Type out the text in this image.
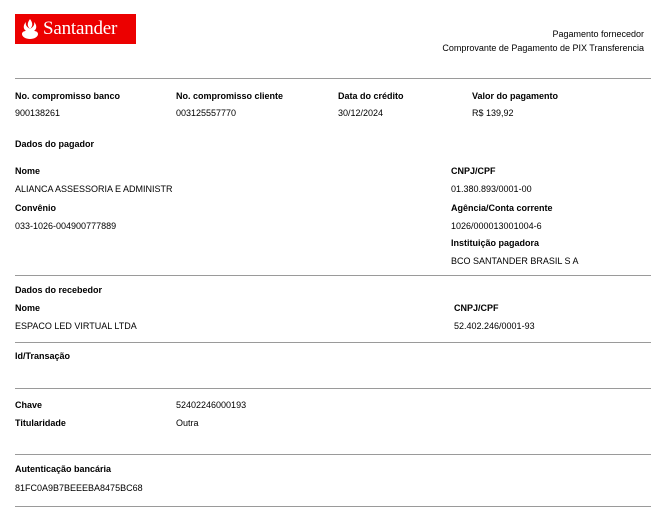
Santander	Pagamento fornecedor
Comprovante de Pagamento de PIX Transferencia
No. compromisso banco
900138261
No. compromisso cliente
003125557770
Data do crédito
30/12/2024
Valor do pagamento
R$ 139,92
Dados do pagador
Nome
ALIANCA ASSESSORIA E ADMINISTR
CNPJ/CPF
01.380.893/0001-00
Convênio
033-1026-004900777889
Agência/Conta corrente
1026/000013001004-6
Instituição pagadora
BCO SANTANDER BRASIL S A
Dados do recebedor
Nome
ESPACO LED VIRTUAL LTDA
CNPJ/CPF
52.402.246/0001-93
Id/Transação
Chave	52402246000193
Titularidade	Outra
Autenticação bancária
81FC0A9B7BEEEBA8475BC68
